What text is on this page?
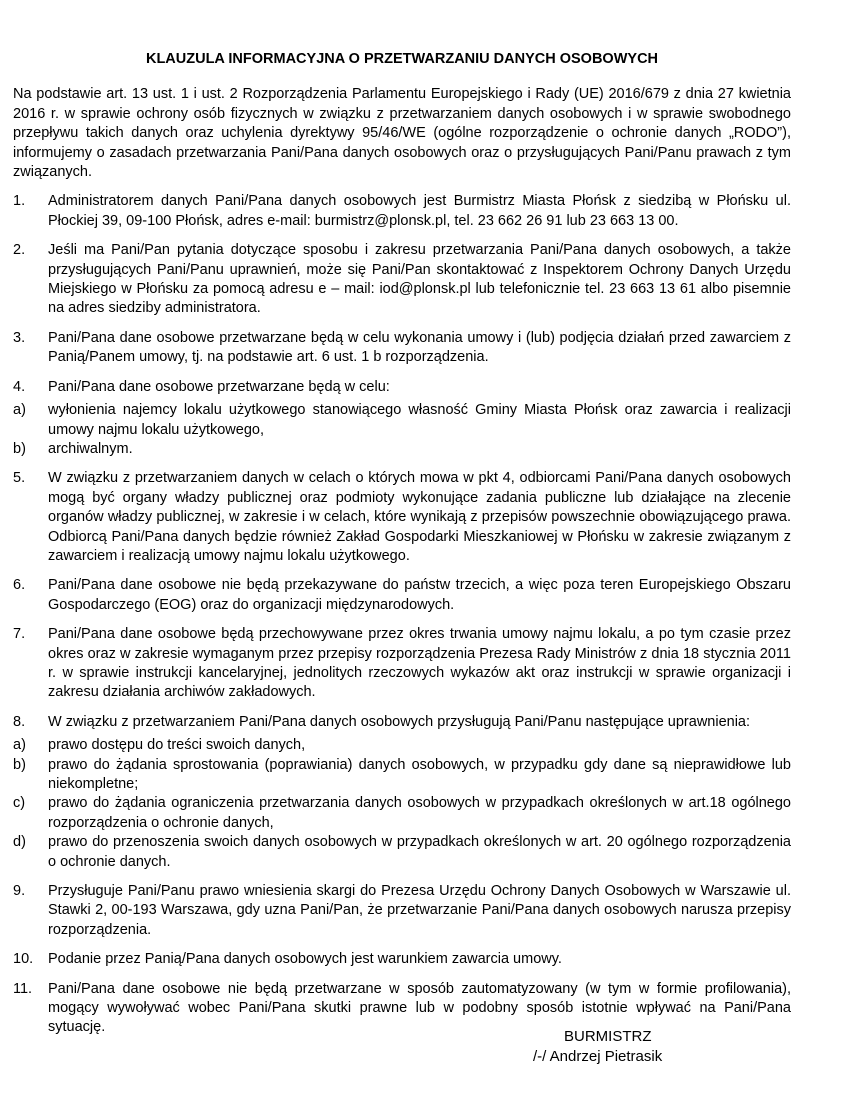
KLAUZULA INFORMACYJNA O PRZETWARZANIU DANYCH OSOBOWYCH

Na podstawie art. 13 ust. 1 i ust. 2 Rozporządzenia Parlamentu Europejskiego i Rady (UE) 2016/679 z dnia 27 kwietnia 2016 r. w sprawie ochrony osób fizycznych w związku z przetwarzaniem danych osobowych i w sprawie swobodnego przepływu takich danych oraz uchylenia dyrektywy 95/46/WE (ogólne rozporządzenie o ochronie danych „RODO”), informujemy o zasadach przetwarzania Pani/Pana danych osobowych oraz o przysługujących Pani/Panu prawach z tym związanych.

1.	Administratorem danych Pani/Pana danych osobowych jest Burmistrz Miasta Płońsk z siedzibą w Płońsku ul. Płockiej 39, 09-100 Płońsk, adres e-mail: burmistrz@plonsk.pl, tel. 23 662 26 91 lub 23 663 13 00.
2.	Jeśli ma Pani/Pan pytania dotyczące sposobu i zakresu przetwarzania Pani/Pana danych osobowych, a także przysługujących Pani/Panu uprawnień, może się Pani/Pan skontaktować z Inspektorem Ochrony Danych Urzędu Miejskiego w Płońsku za pomocą adresu e – mail: iod@plonsk.pl lub telefonicznie tel. 23 663 13 61 albo pisemnie na adres siedziby administratora.
3.	Pani/Pana dane osobowe przetwarzane będą w celu wykonania umowy i (lub) podjęcia działań przed zawarciem z Panią/Panem umowy, tj. na podstawie art. 6 ust. 1 b rozporządzenia.
4.	Pani/Pana dane osobowe przetwarzane będą w celu:
a)	wyłonienia najemcy lokalu użytkowego stanowiącego własność Gminy Miasta Płońsk oraz zawarcia i realizacji umowy najmu lokalu użytkowego,
b)	archiwalnym.
5.	W związku z przetwarzaniem danych w celach o których mowa w pkt 4, odbiorcami Pani/Pana danych osobowych mogą być organy władzy publicznej oraz podmioty wykonujące zadania publiczne lub działające na zlecenie organów władzy publicznej, w zakresie i w celach, które wynikają z przepisów powszechnie obowiązującego prawa. Odbiorcą Pani/Pana danych będzie również Zakład Gospodarki Mieszkaniowej w Płońsku w zakresie związanym z zawarciem i realizacją umowy najmu lokalu użytkowego.
6.	Pani/Pana dane osobowe nie będą przekazywane do państw trzecich, a więc poza teren Europejskiego Obszaru Gospodarczego (EOG) oraz do organizacji międzynarodowych.
7.	Pani/Pana dane osobowe będą przechowywane przez okres trwania umowy najmu lokalu, a po tym czasie przez okres oraz w zakresie wymaganym przez przepisy rozporządzenia Prezesa Rady Ministrów z dnia 18 stycznia 2011 r. w sprawie instrukcji kancelaryjnej, jednolitych rzeczowych wykazów akt oraz instrukcji w sprawie organizacji i zakresu działania archiwów zakładowych.
8.	W związku z przetwarzaniem Pani/Pana danych osobowych przysługują Pani/Panu następujące uprawnienia:
a)	prawo dostępu do treści swoich danych,
b)	prawo do żądania sprostowania (poprawiania) danych osobowych, w przypadku gdy dane są nieprawidłowe lub niekompletne;
c)	prawo do żądania ograniczenia przetwarzania danych osobowych w przypadkach określonych w art.18 ogólnego rozporządzenia o ochronie danych,
d)	prawo do przenoszenia swoich danych osobowych w przypadkach określonych w art. 20 ogólnego rozporządzenia o ochronie danych.
9.	Przysługuje Pani/Panu prawo wniesienia skargi do Prezesa Urzędu Ochrony Danych Osobowych w Warszawie ul. Stawki 2, 00-193 Warszawa, gdy uzna Pani/Pan, że przetwarzanie Pani/Pana danych osobowych narusza przepisy rozporządzenia.
10.	Podanie przez Panią/Pana danych osobowych jest warunkiem zawarcia umowy.
11.	Pani/Pana dane osobowe nie będą przetwarzane w sposób zautomatyzowany (w tym w formie profilowania), mogący wywoływać wobec Pani/Pana skutki prawne lub w podobny sposób istotnie wpływać na Pani/Pana sytuację.
BURMISTRZ
/-/ Andrzej Pietrasik
